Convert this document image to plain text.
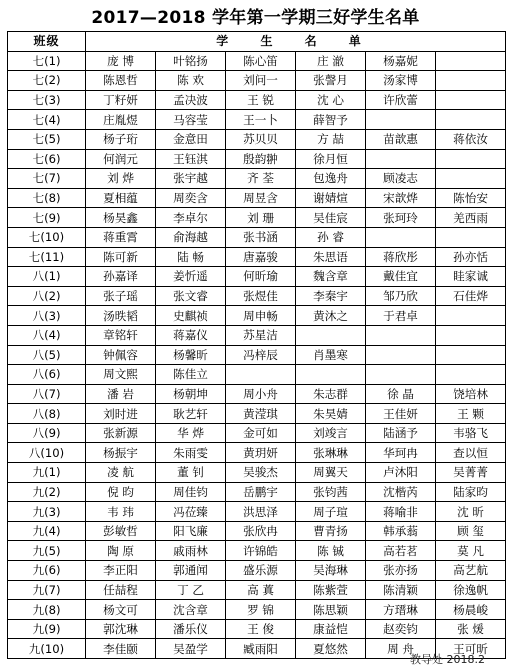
2017—2018 学年第一学期三好学生名单
班级	学 生 名 单					
七(1)	庞 博	叶铭扬	陈心笛	庄 澈	杨嘉妮	
七(2)	陈恩哲	陈 欢	刘问一	张謦月	汤家博	
七(3)	丁籽妍	孟决波	王 锐	沈 心	许欣蕾	
七(4)	庄胤煜	马容莹	王一卜	薛智予		
七(5)	杨子珩	金意田	苏贝贝	方 喆	苗歆惠	蒋依汝
七(6)	何润元	王钰淇	殷韵翀	徐月恒		
七(7)	刘 烨	张宇越	齐 荃	包逸舟	顾凌志	
七(8)	夏相蕴	周奕含	周昱含	谢婧煊	宋歆烨	陈怡安
七(9)	杨昊鑫	李卓尔	刘 珊	吴佳宸	张珂玲	羌西雨
七(10)	蒋重霄	俞海越	张书涵	孙 睿		
七(11)	陈可新	陆 畅	唐嘉骏	朱思语	蒋欣彤	孙亦恬
八(1)	孙嘉译	姜忻遥	何昕瑜	魏含章	戴佳宜	眭家诚
八(2)	张子瑶	张文睿	张煜佳	李秦宇	邹乃欣	石佳烨
八(3)	汤昳韬	史麒祯	周申畅	黄沐之	于君卓	
八(4)	章铭轩	蒋嘉仪	苏星洁			
八(5)	钟佩容	杨馨昕	冯梓辰	肖墨寒		
八(6)	周文熙	陈佳立				
八(7)	潘 岩	杨朝坤	周小舟	朱志群	徐 晶	饶培林
八(8)	刘时进	耿艺轩	黄滢琪	朱昊婧	王佳妍	王 颗
八(9)	张新源	华 烨	金可如	刘竣言	陆涵予	韦骆飞
八(10)	杨振宇	朱雨雯	黄玥妍	张琳琳	华珂冉	查以恒
九(1)	凌 航	董 钊	吴骏杰	周翼天	卢沐阳	吴菁菁
九(2)	倪 昀	周佳钧	岳鹏宇	张钧茜	沈楷芮	陆家昀
九(3)	韦 玮	冯莅臻	洪思泽	周子瑄	蒋喻非	沈 昕
九(4)	彭敏哲	阳飞廉	张欣冉	曹青扬	韩承蓊	顾 玺
九(5)	陶 原	戚雨林	许锦皓	陈 铖	高若茗	莫 凡
九(6)	李正阳	郭通闻	盛乐源	吴海琳	张亦扬	高艺航
九(7)	任喆程	丁 乙	高 蒖	陈紫萱	陈清颖	徐逸帆
九(8)	杨文可	沈含章	罗 锦	陈思颖	方瑨琳	杨晨峻
九(9)	郭沈琳	潘乐仪	王 俊	康益恺	赵奕钧	张 煖
九(10)	李佳颐	吴盈学	臧雨阳	夏悠然	周 舟	王可昕
教导处 2018.2
